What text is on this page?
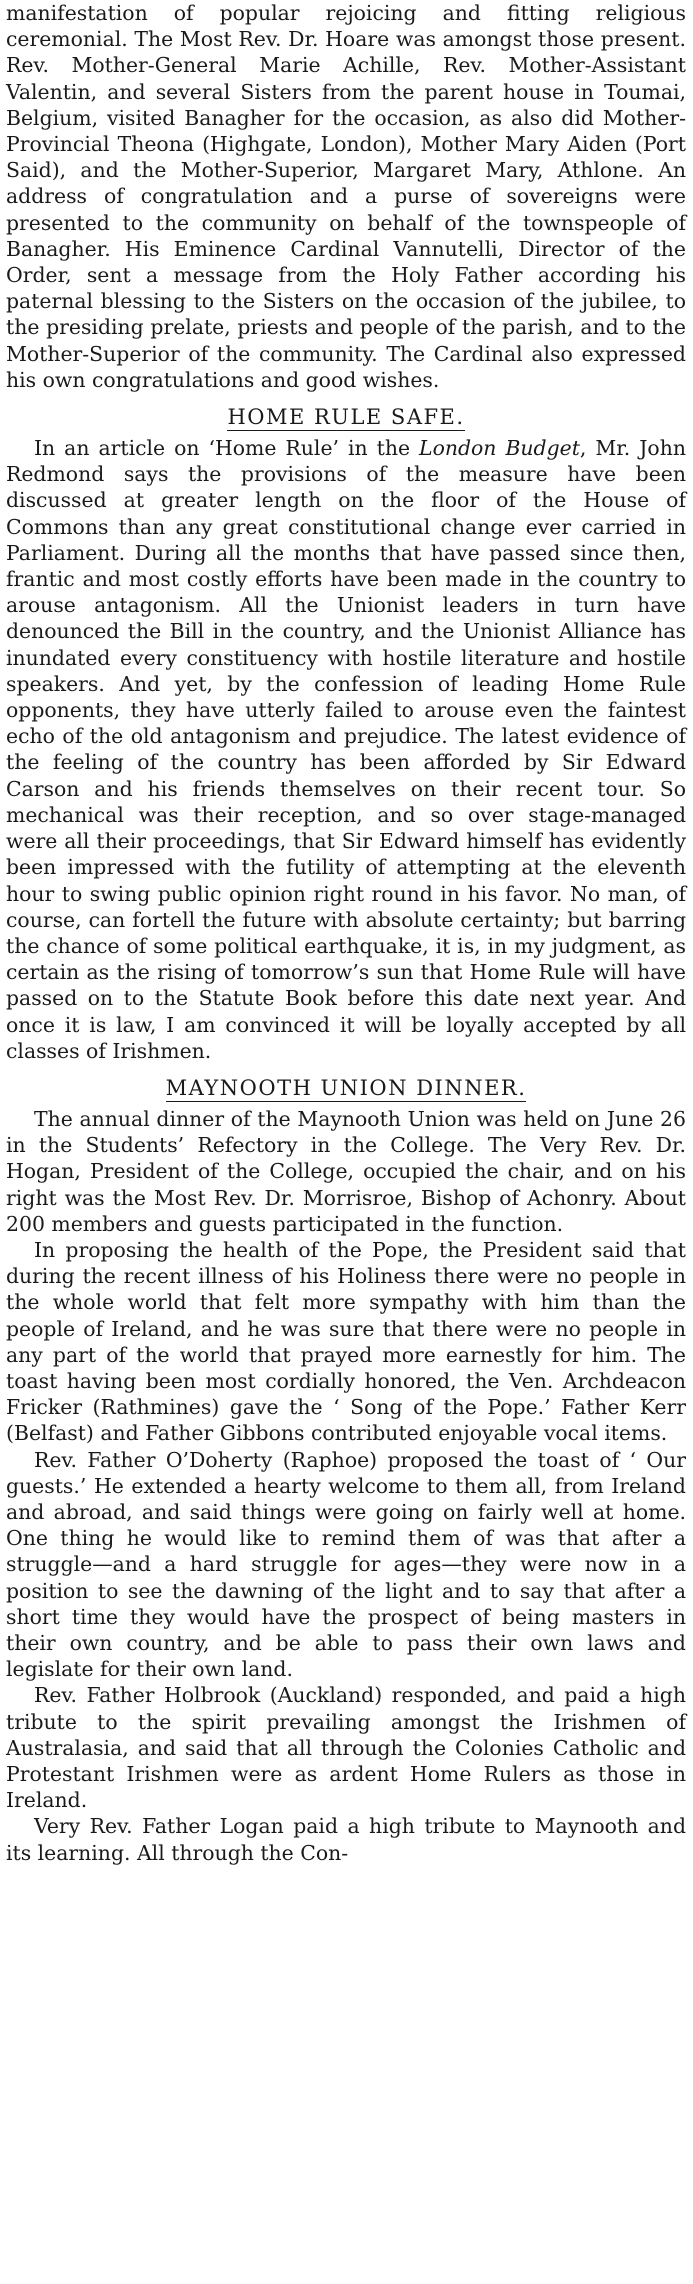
manifestation of popular rejoicing and fitting religious ceremonial. The Most Rev. Dr. Hoare was amongst those present. Rev. Mother-General Marie Achille, Rev. Mother-Assistant Valentin, and several Sisters from the parent house in Toumai, Belgium, visited Banagher for the occasion, as also did Mother-Provincial Theona (Highgate, London), Mother Mary Aiden (Port Said), and the Mother-Superior, Margaret Mary, Athlone. An address of congratulation and a purse of sovereigns were presented to the community on behalf of the townspeople of Banagher. His Eminence Cardinal Vannutelli, Director of the Order, sent a message from the Holy Father according his paternal blessing to the Sisters on the occasion of the jubilee, to the presiding prelate, priests and people of the parish, and to the Mother-Superior of the community. The Cardinal also expressed his own congratulations and good wishes.

HOME RULE SAFE.

In an article on ‘Home Rule’ in the London Budget, Mr. John Redmond says the provisions of the measure have been discussed at greater length on the floor of the House of Commons than any great constitutional change ever carried in Parliament. During all the months that have passed since then, frantic and most costly efforts have been made in the country to arouse antagonism. All the Unionist leaders in turn have denounced the Bill in the country, and the Unionist Alliance has inundated every constituency with hostile literature and hostile speakers. And yet, by the confession of leading Home Rule opponents, they have utterly failed to arouse even the faintest echo of the old antagonism and prejudice. The latest evidence of the feeling of the country has been afforded by Sir Edward Carson and his friends themselves on their recent tour. So mechanical was their reception, and so over stage-managed were all their proceedings, that Sir Edward himself has evidently been impressed with the futility of attempting at the eleventh hour to swing public opinion right round in his favor. No man, of course, can fortell the future with absolute certainty; but barring the chance of some political earthquake, it is, in my judgment, as certain as the rising of tomorrow’s sun that Home Rule will have passed on to the Statute Book before this date next year. And once it is law, I am convinced it will be loyally accepted by all classes of Irishmen.

MAYNOOTH UNION DINNER.

The annual dinner of the Maynooth Union was held on June 26 in the Students’ Refectory in the College. The Very Rev. Dr. Hogan, President of the College, occupied the chair, and on his right was the Most Rev. Dr. Morrisroe, Bishop of Achonry. About 200 members and guests participated in the function.

In proposing the health of the Pope, the President said that during the recent illness of his Holiness there were no people in the whole world that felt more sympathy with him than the people of Ireland, and he was sure that there were no people in any part of the world that prayed more earnestly for him. The toast having been most cordially honored, the Ven. Archdeacon Fricker (Rathmines) gave the ‘ Song of the Pope.’ Father Kerr (Belfast) and Father Gibbons contributed enjoyable vocal items.

Rev. Father O’Doherty (Raphoe) proposed the toast of ‘ Our guests.’ He extended a hearty welcome to them all, from Ireland and abroad, and said things were going on fairly well at home. One thing he would like to remind them of was that after a struggle—and a hard struggle for ages—they were now in a position to see the dawning of the light and to say that after a short time they would have the prospect of being masters in their own country, and be able to pass their own laws and legislate for their own land.

Rev. Father Holbrook (Auckland) responded, and paid a high tribute to the spirit prevailing amongst the Irishmen of Australasia, and said that all through the Colonies Catholic and Protestant Irishmen were as ardent Home Rulers as those in Ireland.

Very Rev. Father Logan paid a high tribute to Maynooth and its learning. All through the Con-
